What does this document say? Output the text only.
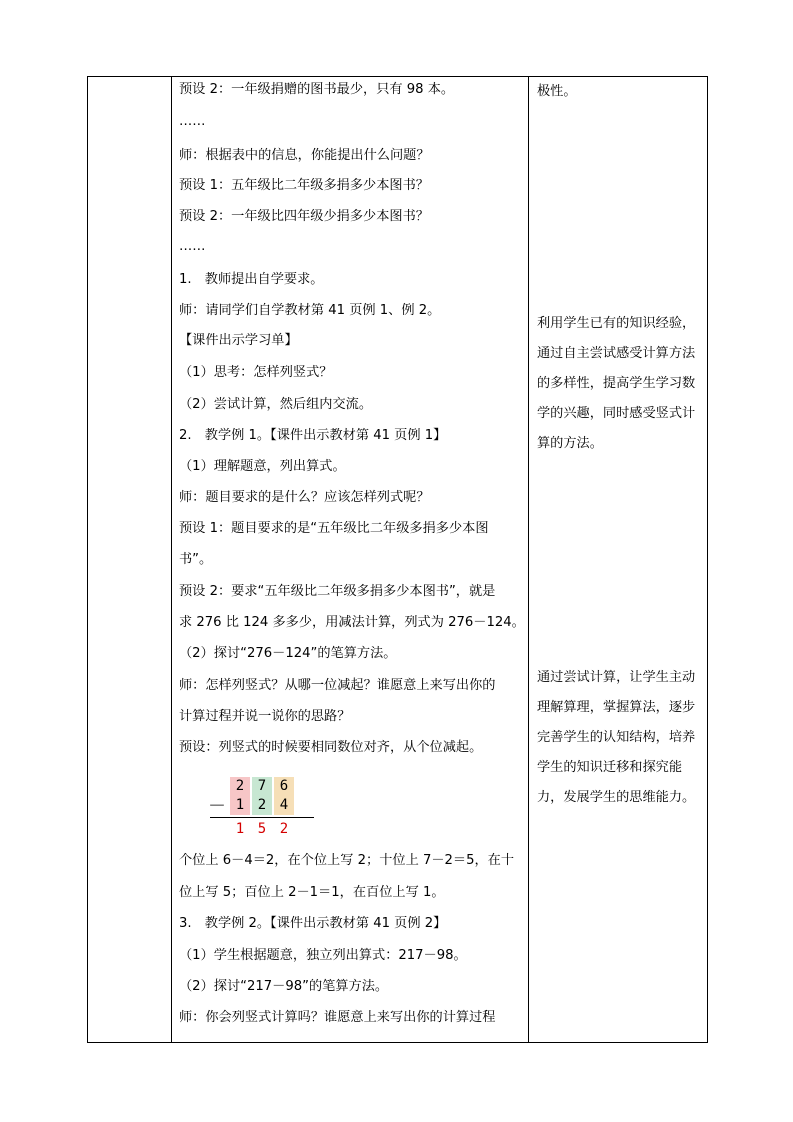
预设 2：一年级捐赠的图书最少，只有 98 本。
……
师：根据表中的信息，你能提出什么问题？
预设 1：五年级比二年级多捐多少本图书？
预设 2：一年级比四年级少捐多少本图书？
……
1.　教师提出自学要求。
师：请同学们自学教材第 41 页例 1、例 2。
【课件出示学习单】
（1）思考：怎样列竖式？
（2）尝试计算，然后组内交流。
2.　教学例 1。【课件出示教材第 41 页例 1】
（1）理解题意，列出算式。
师：题目要求的是什么？应该怎样列式呢？
预设 1：题目要求的是“五年级比二年级多捐多少本图
书”。
预设 2：要求“五年级比二年级多捐多少本图书”，就是
求 276 比 124 多多少，用减法计算，列式为 276－124。
（2）探讨“276－124”的笔算方法。
师：怎样列竖式？从哪一位减起？谁愿意上来写出你的
计算过程并说一说你的思路？
预设：列竖式的时候要相同数位对齐，从个位减起。
2 7 6
－ 1 2 4
1 5 2
个位上 6－4＝2，在个位上写 2；十位上 7－2＝5，在十
位上写 5；百位上 2－1＝1，在百位上写 1。
3.　教学例 2。【课件出示教材第 41 页例 2】
（1）学生根据题意，独立列出算式：217－98。
（2）探讨“217－98”的笔算方法。
师：你会列竖式计算吗？谁愿意上来写出你的计算过程

极性。
利用学生已有的知识经验，通过自主尝试感受计算方法的多样性，提高学生学习数学的兴趣，同时感受竖式计算的方法。
通过尝试计算，让学生主动理解算理，掌握算法，逐步完善学生的认知结构，培养学生的知识迁移和探究能力，发展学生的思维能力。
